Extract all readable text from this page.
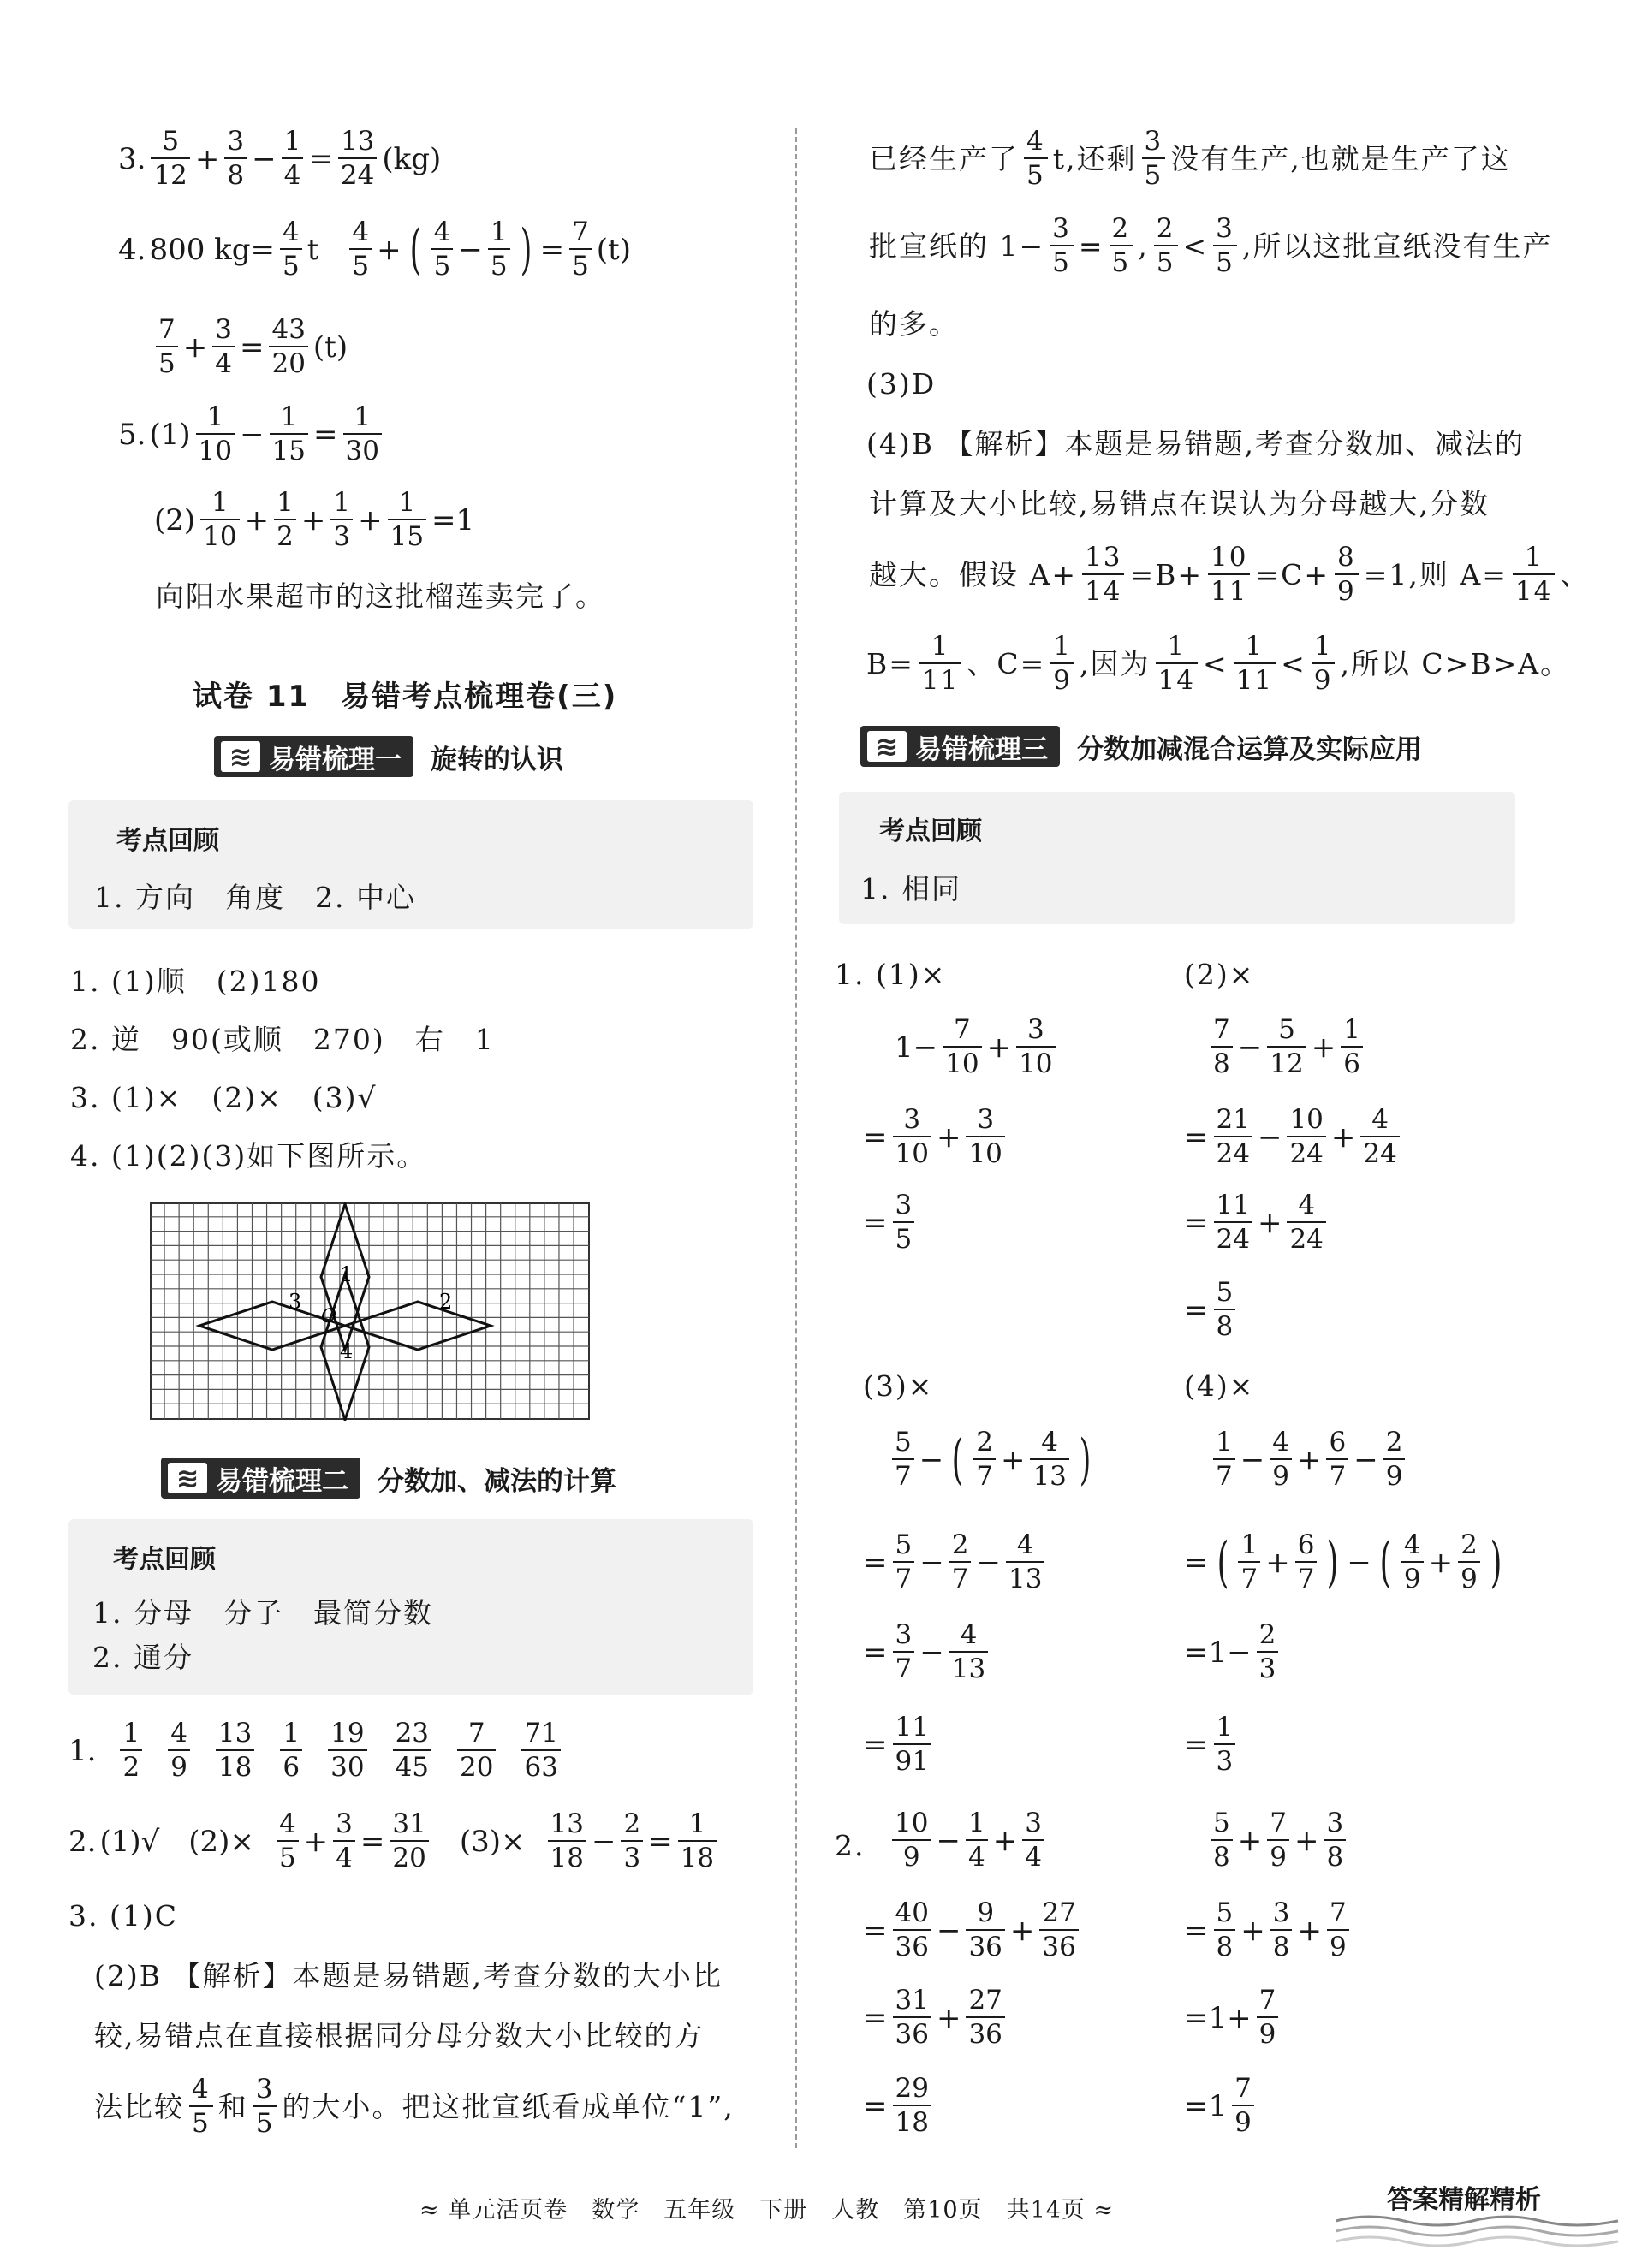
3.
5
12 +
3
8 −
1
4 =
13
24 (kg)
4. 800 $kg= \frac{4}{5}$ t
4
5 + ( 4
5 −
1
5 ) =
7
5 (t)
7
5 +
3
4 =
43
20 (t)
5. (1)
1
10 −
1
15 =
1
30
(2)
1
10 +
1
2 +
1
$3 + \frac{1}{15} =1$
向阳水果超市的这批榴莲卖完了。
试卷 11　易错考点梳理卷(三)
≋ 易错梳理一 旋转的认识
考点回顾
1. 方向　角度　2. 中心
1. (1)顺　(2)180
2. 逆　90(或顺　270)　右　1
3. (1)×　(2)×　(3)√
4. (1)(2)(3)如下图所示。
1
2
3
4
O
≋ 易错梳理二 分数加、减法的计算
考点回顾
1. 分母　分子　最简分数
2. 通分
1.
1
2
4
9
13
18
1
6
19
30
23
45
7
20
71
63
2. (1)√　$(2)\times \frac{4}{5}$ +
3
4 =
31
20 $(3)\times \frac{13}{18}$ −
2
3 =
1
18
3. (1)C
(2)B 【解析】本题是易错题,考查分数的大小比
较,易错点在直接根据同分母分数大小比较的方
法比较
4
5 和
3
5 的大小。把这批宣纸看成单位“1”,
已经生产了
4
5 t,还剩
3
5 没有生产,也就是生产了这
批宣纸的 $1- \frac{3}{5} = \frac{2}{5}$ ,
2
5 <
3
5 ,所以这批宣纸没有生产
的多。
(3)D
(4)B 【解析】本题是易错题,考查分数加、减法的
计算及大小比较,易错点在误认为分母越大,分数
越大。假设 $A+ \frac{13}{14} =B+ \frac{10}{11} =C+ \frac{8}{9} =1$,则 $A= \frac{1}{14}$ 、
$B= \frac{1}{11}$ 、$C= \frac{1}{9}$ ,因为
1
14 <
1
11 <
1
9 ,所以 C>B>A。
≋ 易错梳理三 分数加减混合运算及实际应用
考点回顾
1. 相同
1. (1)×
$1- \frac{7}{10}$ +
3
10
=
3
10 +
3
10
=
3
5
(2)×
7
8 −
5
12 +
1
6
=
21
24 −
10
24 +
4
24
=
11
24 +
4
24
=
5
8
(3)×
5
7 − ( 2
7 +
4
13 )
=
5
7 −
2
7 −
4
13
=
3
7 −
4
13
=
11
91
(4)×
1
7 −
4
9 +
6
7 −
2
9
= ( 1
7 +
6
7 ) − ( 4
9 +
2
9 )
$=1- \frac{2}{3}$
=
1
3
2.
10
9 −
1
4 +
3
4
=
40
36 −
9
36 +
27
36
=
31
36 +
27
36
=
29
18
5
8 +
7
9 +
3
8
=
5
8 +
3
8 +
7
9
$=1+ \frac{7}{9}$
=1
7
9
≈ 单元活页卷　数学　五年级　下册　人教　第10页　共14页 ≈	答案精解精析
